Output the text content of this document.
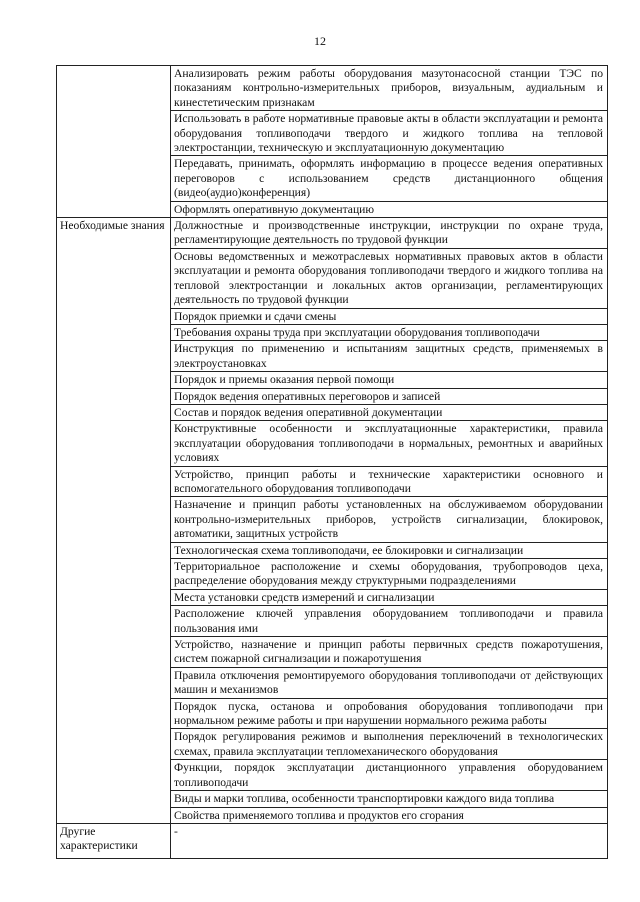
12
	Анализировать режим работы оборудования мазутонасосной станции ТЭС по показаниям контрольно-измерительных приборов, визуальным, аудиальным и кинестетическим признакам
	Использовать в работе нормативные правовые акты в области эксплуатации и ремонта оборудования топливоподачи твердого и жидкого топлива на тепловой электростанции, техническую и эксплуатационную документацию
	Передавать, принимать, оформлять информацию в процессе ведения оперативных переговоров с использованием средств дистанционного общения (видео(аудио)конференция)
	Оформлять оперативную документацию
Необходимые знания	Должностные и производственные инструкции, инструкции по охране труда, регламентирующие деятельность по трудовой функции
	Основы ведомственных и межотраслевых нормативных правовых актов в области эксплуатации и ремонта оборудования топливоподачи твердого и жидкого топлива на тепловой электростанции и локальных актов организации, регламентирующих деятельность по трудовой функции
	Порядок приемки и сдачи смены
	Требования охраны труда при эксплуатации оборудования топливоподачи
	Инструкция по применению и испытаниям защитных средств, применяемых в электроустановках
	Порядок и приемы оказания первой помощи
	Порядок ведения оперативных переговоров и записей
	Состав и порядок ведения оперативной документации
	Конструктивные особенности и эксплуатационные характеристики, правила эксплуатации оборудования топливоподачи в нормальных, ремонтных и аварийных условиях
	Устройство, принцип работы и технические характеристики основного и вспомогательного оборудования топливоподачи
	Назначение и принцип работы установленных на обслуживаемом оборудовании контрольно-измерительных приборов, устройств сигнализации, блокировок, автоматики, защитных устройств
	Технологическая схема топливоподачи, ее блокировки и сигнализации
	Территориальное расположение и схемы оборудования, трубопроводов цеха, распределение оборудования между структурными подразделениями
	Места установки средств измерений и сигнализации
	Расположение ключей управления оборудованием топливоподачи и правила пользования ими
	Устройство, назначение и принцип работы первичных средств пожаротушения, систем пожарной сигнализации и пожаротушения
	Правила отключения ремонтируемого оборудования топливоподачи от действующих машин и механизмов
	Порядок пуска, останова и опробования оборудования топливоподачи при нормальном режиме работы и при нарушении нормального режима работы
	Порядок регулирования режимов и выполнения переключений в технологических схемах, правила эксплуатации тепломеханического оборудования
	Функции, порядок эксплуатации дистанционного управления оборудованием топливоподачи
	Виды и марки топлива, особенности транспортировки каждого вида топлива
	Свойства применяемого топлива и продуктов его сгорания
Другие характеристики	-
